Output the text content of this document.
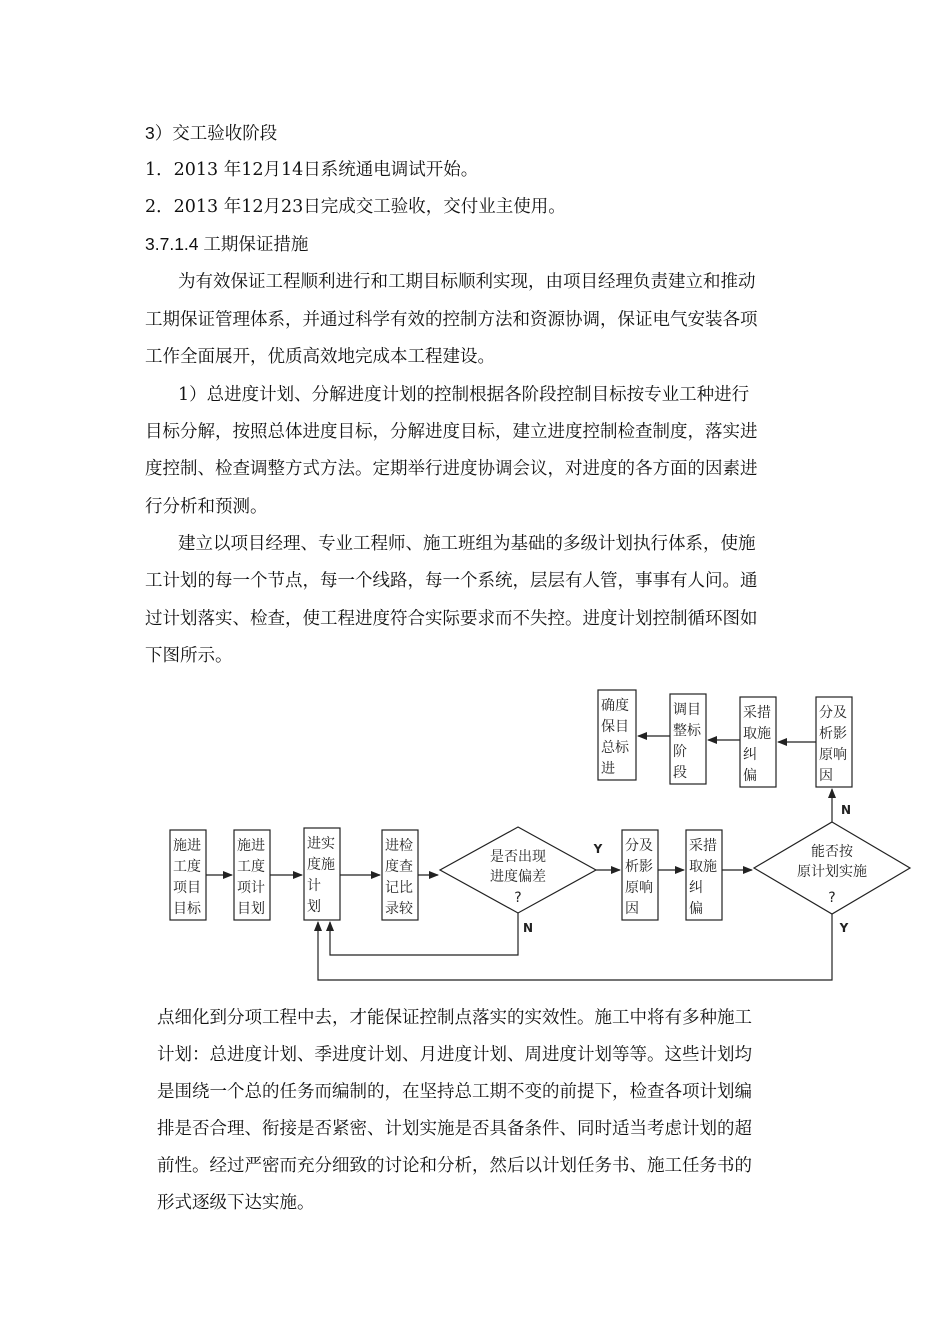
3）交工验收阶段
1．2013 年12月14日系统通电调试开始。
2．2013 年12月23日完成交工验收，交付业主使用。
3.7.1.4 工期保证措施
为有效保证工程顺利进行和工期目标顺利实现，由项目经理负责建立和推动
工期保证管理体系，并通过科学有效的控制方法和资源协调，保证电气安装各项
工作全面展开，优质高效地完成本工程建设。
1）总进度计划、分解进度计划的控制根据各阶段控制目标按专业工种进行
目标分解，按照总体进度目标，分解进度目标，建立进度控制检查制度，落实进
度控制、检查调整方式方法。定期举行进度协调会议，对进度的各方面的因素进
行分析和预测。
建立以项目经理、专业工程师、施工班组为基础的多级计划执行体系，使施
工计划的每一个节点，每一个线路，每一个系统，层层有人管，事事有人问。通
过计划落实、检查，使工程进度符合实际要求而不失控。进度计划控制循环图如
下图所示。
施进
工度
项目
目标
施进
工度
项计
目划
进实
度施
计
划
进检
度查
记比
录较
是否出现
进度偏差
?
分及
析影
原响
因
采措
取施
纠
偏
能否按
原计划实施
?
分及
析影
原响
因
采措
取施
纠
偏
调目
整标
阶
段
确度
保目
总标
进
Y
N
N
Y
点细化到分项工程中去，才能保证控制点落实的实效性。施工中将有多种施工
计划：总进度计划、季进度计划、月进度计划、周进度计划等等。这些计划均
是围绕一个总的任务而编制的，在坚持总工期不变的前提下，检查各项计划编
排是否合理、衔接是否紧密、计划实施是否具备条件、同时适当考虑计划的超
前性。经过严密而充分细致的讨论和分析，然后以计划任务书、施工任务书的
形式逐级下达实施。
